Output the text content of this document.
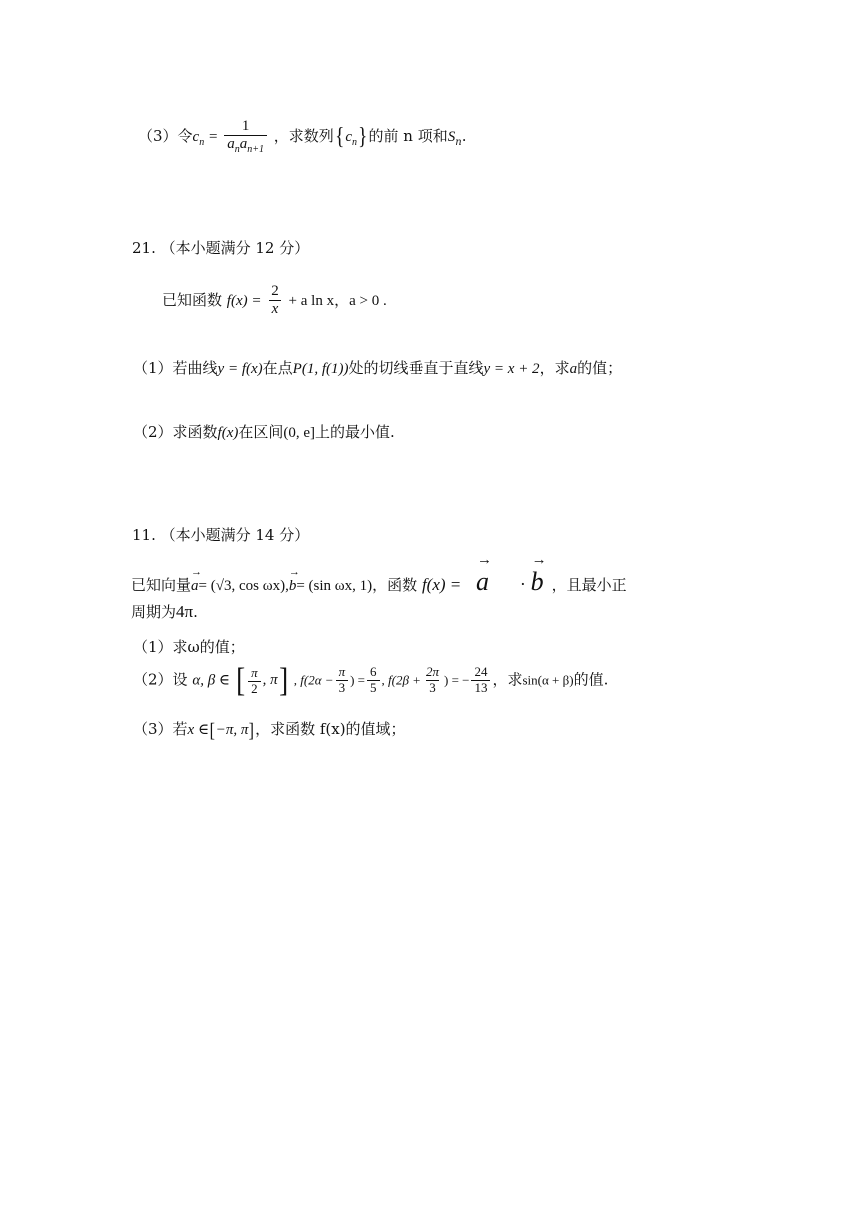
（3）令$c_n = \frac{1}{a_na_{n+1}}$ ，求数列$\{c_n\}$的前 n 项和$S_n$.
21. （本小题满分 12 分）
已知函数 $f(x) = \frac{2}{x} + a$ ln x，a > 0 .
（1）若曲线y = f(x)在点P(1, f(1))处的切线垂直于直线y = x + 2，求a的值；
（2）求函数f(x)在区间(0, e]上的最小值.
11. （本小题满分 14 分）
已知向量a →= (√3, cos ωx),b →= (sin ωx, 1)，函数 f(x) = a → · b → ，且最小正
周期为4π.
（1）求ω的值；
（2）设 α, β ∈ [ $\frac{\pi}{2}$ , π] , $f(2\alpha - \frac{\pi}{3}$ ) = $\frac{6}{5}$ , $f(2\beta + \frac{2\pi}{3}$ ) = − $\frac{24}{13}$ ，求sin(α + β)的值.
（3）若x ∈[−π, π]，求函数 f(x)的值域；
